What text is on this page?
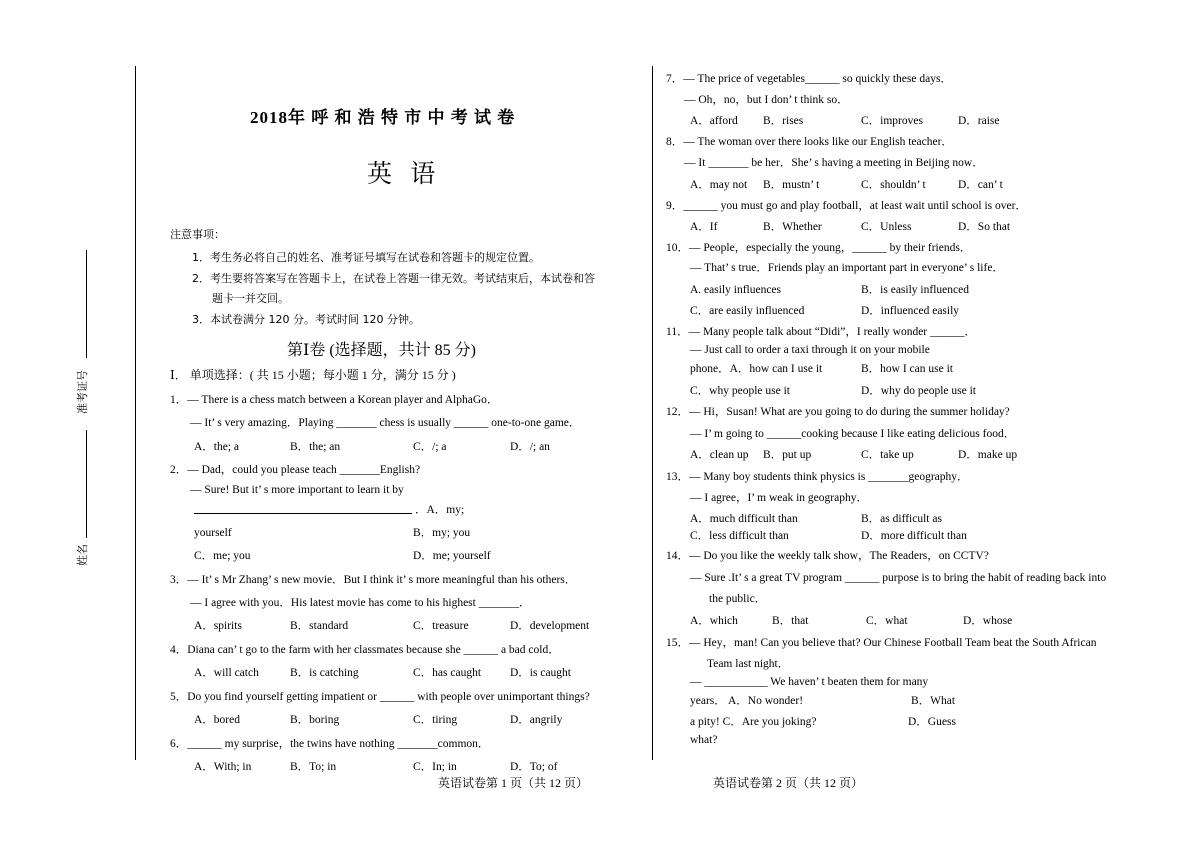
准考证号
姓名
2018年 呼 和 浩 特 市 中 考 试 卷
英 语
注意事项：
1．考生务必将自己的姓名、准考证号填写在试卷和答题卡的规定位置。
2．考生要将答案写在答题卡上，在试卷上答题一律无效。考试结束后，本试卷和答
题卡一并交回。
3．本试卷满分 120 分。考试时间 120 分钟。
第Ⅰ卷 (选择题，共计 85 分)
Ⅰ． 单项选择：( 共 15 小题；每小题 1 分，满分 15 分 )
1．— There is a chess match between a Korean player and AlphaGo．
— It’ s very amazing．Playing _______ chess is usually ______ one-to-one game．
A．the; a	B．the; an	C．/; a	D．/; an
2．— Dad，could you please teach _______English?
— Sure! But it’ s more important to learn it by
．A．my;
yourself	B．my; you
C．me; you	D．me; yourself
3．— It’ s Mr Zhang’ s new movie．But I think it’ s more meaningful than his others．
— I agree with you．His latest movie has come to his highest _______．
A．spirits	B．standard	C．treasure	D．development
4．Diana can’ t go to the farm with her classmates because she ______ a bad cold．
A．will catch	B．is catching	C．has caught	D．is caught
5．Do you find yourself getting impatient or ______ with people over unimportant things?
A．bored	B．boring	C．tiring	D．angrily
6．______ my surprise，the twins have nothing _______common．
A．With; in	B．To; in	C．In; in	D．To; of
7．— The price of vegetables______ so quickly these days．
— Oh，no，but I don’ t think so．
A．afford B．rises	C．improves	D．raise
8．— The woman over there looks like our English teacher．
— It _______ be her．She’ s having a meeting in Beijing now．
A．may not B．mustn’ t	C．shouldn’ t	D．can’ t
9．______ you must go and play football，at least wait until school is over．
A．If	B．Whether	C．Unless	D．So that
10．— People，especially the young，______ by their friends．
— That’ s true．Friends play an important part in everyone’ s life．
A. easily influences	B．is easily influenced
C．are easily influenced	D．influenced easily
11．— Many people talk about “Didi”，I really wonder ______．
— Just call to order a taxi through it on your mobile
phone．A．how can I use it	B．how I can use it
C．why people use it	D．why do people use it
12．— Hi，Susan! What are you going to do during the summer holiday?
— I’ m going to ______cooking because I like eating delicious food．
A．clean up B．put up	C．take up	D．make up
13．— Many boy students think physics is _______geography．
— I agree，I’ m weak in geography．
A．much difficult than	B．as difficult as
C．less difficult than	D．more difficult than
14．— Do you like the weekly talk show，The Readers，on CCTV?
— Sure .It’ s a great TV program ______ purpose is to bring the habit of reading back into
the public．
A．which	B．that	C．what	D．whose
15．— Hey，man! Can you believe that? Our Chinese Football Team beat the South African
Team last night．
— ___________ We haven’ t beaten them for many
years． A．No wonder!	B．What
a pity! C．Are you joking?	D．Guess
what?
英语试卷第 1 页（共 12 页）	英语试卷第 2 页（共 12 页）
